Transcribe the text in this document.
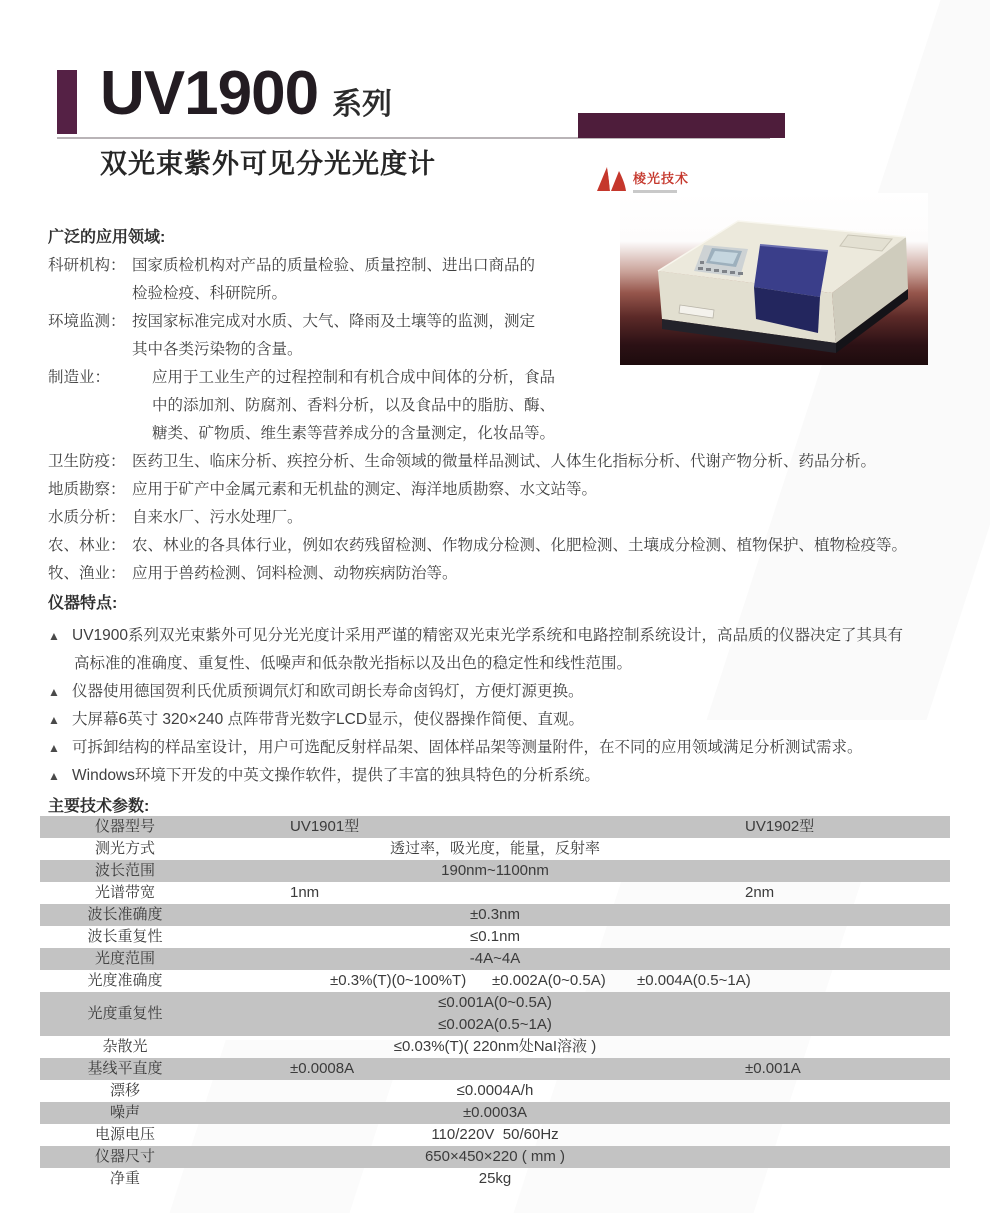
UV1900 系列
双光束紫外可见分光光度计	棱光技术
广泛的应用领域:
科研机构： 国家质检机构对产品的质量检验、质量控制、进出口商品的
检验检疫、科研院所。
环境监测： 按国家标准完成对水质、大气、降雨及土壤等的监测，测定
其中各类污染物的含量。
制造业：	应用于工业生产的过程控制和有机合成中间体的分析，食品
中的添加剂、防腐剂、香料分析，以及食品中的脂肪、酶、
糖类、矿物质、维生素等营养成分的含量测定，化妆品等。
卫生防疫： 医药卫生、临床分析、疾控分析、生命领域的微量样品测试、人体生化指标分析、代谢产物分析、药品分析。
地质勘察： 应用于矿产中金属元素和无机盐的测定、海洋地质勘察、水文站等。
水质分析： 自来水厂、污水处理厂。
农、林业： 农、林业的各具体行业，例如农药残留检测、作物成分检测、化肥检测、土壤成分检测、植物保护、植物检疫等。
牧、渔业： 应用于兽药检测、饲料检测、动物疾病防治等。
仪器特点:
▲ UV1900系列双光束紫外可见分光光度计采用严谨的精密双光束光学系统和电路控制系统设计，高品质的仪器决定了其具有
高标准的准确度、重复性、低噪声和低杂散光指标以及出色的稳定性和线性范围。
▲ 仪器使用德国贺利氏优质预调氘灯和欧司朗长寿命卤钨灯，方便灯源更换。
▲ 大屏幕6英寸 320×240 点阵带背光数字LCD显示，使仪器操作简便、直观。
▲ 可拆卸结构的样品室设计，用户可选配反射样品架、固体样品架等测量附件，在不同的应用领域满足分析测试需求。
▲ Windows环境下开发的中英文操作软件，提供了丰富的独具特色的分析系统。
主要技术参数:
仪器型号	UV1901型	UV1902型
测光方式	透过率，吸光度，能量，反射率
波长范围	190nm~1100nm
光谱带宽	1nm	2nm
波长准确度	±0.3nm
波长重复性	≤0.1nm
光度范围	-4A~4A
光度准确度	±0.3%(T)(0~100%T) ±0.002A(0~0.5A) ±0.004A(0.5~1A)
光度重复性
≤0.001A(0~0.5A)
≤0.002A(0.5~1A)
杂散光	≤0.03%(T)( 220nm处NaI溶液 )
基线平直度	±0.0008A	±0.001A
漂移	≤0.0004A/h
噪声	±0.0003A
电源电压	110/220V  50/60Hz
仪器尺寸	650×450×220 ( mm )
净重	25kg
